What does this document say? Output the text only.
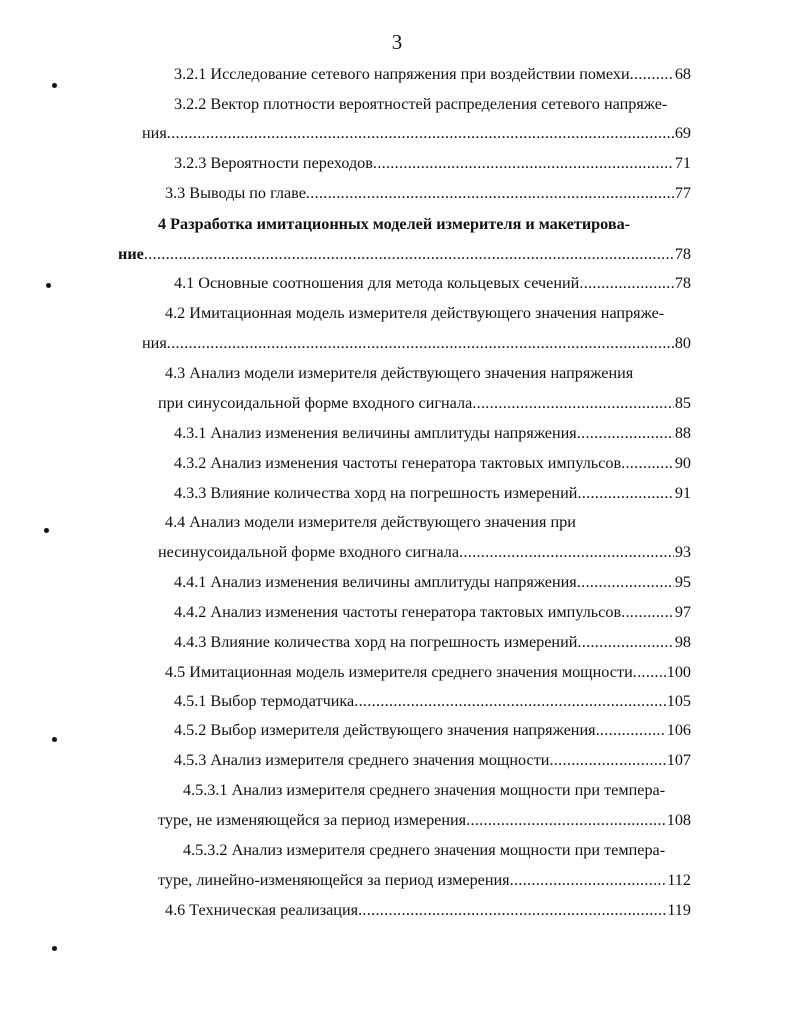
3
3.2.1 Исследование сетевого напряжения при воздействии помехи .....	68
3.2.2 Вектор плотности вероятностей распределения сетевого напряже-
ния .....	69
3.2.3 Вероятности переходов .....	71
3.3 Выводы по главе .....	77
4 Разработка имитационных моделей измерителя и макетирова-
ние .....	78
4.1 Основные соотношения для метода кольцевых сечений .....	78
4.2 Имитационная модель измерителя действующего значения напряже-
ния .....	80
4.3 Анализ модели измерителя действующего значения напряжения
при синусоидальной форме входного сигнала .....	85
4.3.1 Анализ изменения величины амплитуды напряжения .....	88
4.3.2 Анализ изменения частоты генератора тактовых импульсов .....	90
4.3.3 Влияние количества хорд на погрешность измерений .....	91
4.4 Анализ модели измерителя действующего значения при
несинусоидальной форме входного сигнала .....	93
4.4.1 Анализ изменения величины амплитуды напряжения .....	95
4.4.2 Анализ изменения частоты генератора тактовых импульсов .....	97
4.4.3 Влияние количества хорд на погрешность измерений .....	98
4.5 Имитационная модель измерителя среднего значения мощности ..... 100
4.5.1 Выбор термодатчика .....	105
4.5.2 Выбор измерителя действующего значения напряжения .....	106
4.5.3 Анализ измерителя среднего значения мощности .....	107
4.5.3.1 Анализ измерителя среднего значения мощности при темпера-
туре, не изменяющейся за период измерения .....	108
4.5.3.2 Анализ измерителя среднего значения мощности при темпера-
туре, линейно-изменяющейся за период измерения .....	112
4.6 Техническая реализация .....	119
